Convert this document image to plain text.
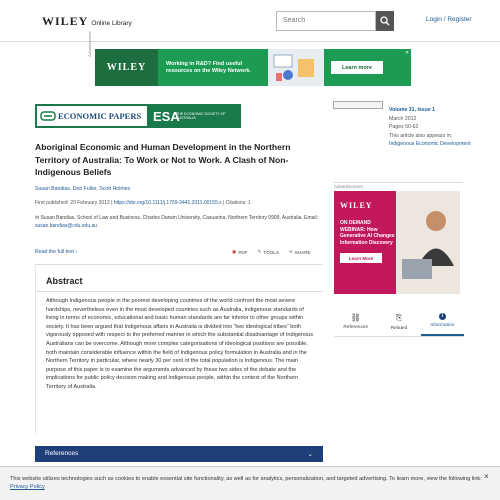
WILEY Online Library	Search	Login / Register
Advertisement
WILEY	Working in R&D? Find useful resources on the Wiley Network.	Learn more
✕
ECONOMIC PAPERS ESA
THE ECONOMIC SOCIETY OF AUSTRALIA
Aboriginal Economic and Human Development in the Northern Territory of Australia: To Work or Not to Work. A Clash of Non-Indigenous Beliefs
Susan Bandias, Don Fuller, Scott Holmes
First published: 20 February 2012 | https://doi.org/10.1111/j.1759-3441.2011.00155.x | Citations: 1
✉ Susan Bandias, School of Law and Business, Charles Darwin University, Casuarina, Northern Territory 0909, Australia. Email: susan.bandias@cdu.edu.au
Read the full text ›	▣ PDF ✎ TOOLS ⋖ SHARE
Abstract

Although Indigenous people in the poorest developing countries of the world confront the most severe hardships, nevertheless even in the most developed countries such as Australia, Indigenous standards of living in terms of economic, educational and basic human standards are far inferior to other groups within society. It has been argued that Indigenous affairs in Australia is divided into “two ideological tribes” both vigorously opposed with respect to the preferred manner in which the substantial disadvantage of Indigenous Australians can be overcome. Although more complex categorisations of ideological positions are possible, both maintain considerable influence within the field of Indigenous policy formulation in Australia and in the Northern Territory in particular, where nearly 30 per cent of the total population is Indigenous. The main purpose of this paper is to examine the arguments advanced by these two sides of the debate and the implications for public policy decision making and Indigenous people, within the context of the Northern Territory of Australia.

References	⌄
Volume 31, Issue 1
March 2012
Pages 50-62
This article also appears in:
Indigenous Economic Development
Advertisement
WILEY
ON DEMAND WEBINAR: How Generative AI Changes Information Discovery
Learn More
⛓
References
⎘
Related
i
Information
This website utilizes technologies such as cookies to enable essential site functionality, as well as for analytics, personalization, and targeted advertising. To learn more, view the following link: Privacy Policy
×
